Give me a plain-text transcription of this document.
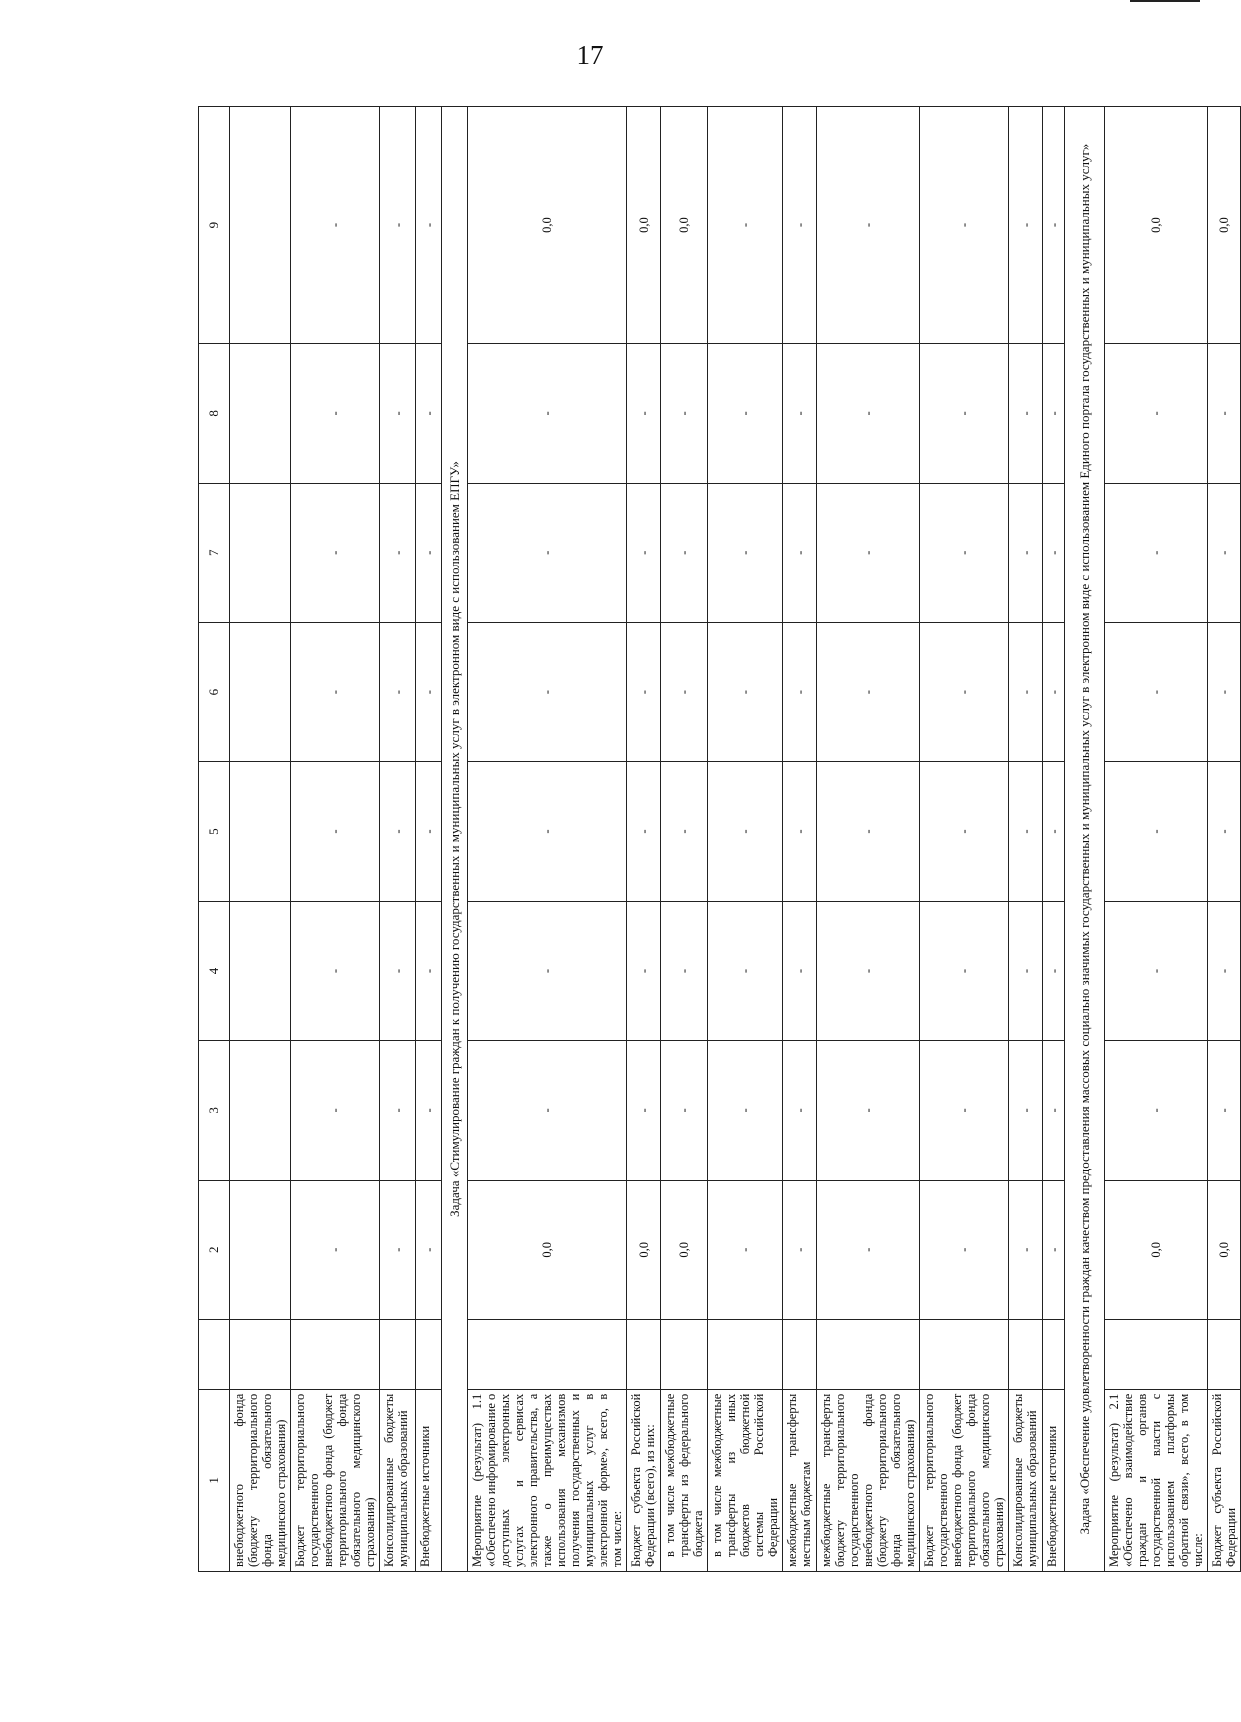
17
1		2	3	4	5	6	7	8	9
внебюджетного фонда (бюджету территориального фонда обязательного медицинского страхования)									
Бюджет территориального государственного внебюджетного фонда (бюджет территориального фонда обязательного медицинского страхования)		-	-	-	-	-	-	-	-
Консолидированные бюджеты муниципальных образований		-	-	-	-	-	-	-	-
Внебюджетные источники		-	-	-	-	-	-	-	-
Задача «Стимулирование граждан к получению государственных и муниципальных услуг в электронном виде с использованием ЕПГУ»									
Мероприятие (результат) 1.1 «Обеспечено информирование о доступных электронных услугах и сервисах электронного правительства, а также о преимуществах использования механизмов получения государственных и муниципальных услуг в электронной форме», всего, в том числе:		0,0	-	-	-	-	-	-	0,0
Бюджет субъекта Российской Федерации (всего), из них:		0,0	-	-	-	-	-	-	0,0
в том числе межбюджетные трансферты из федерального бюджета		0,0	-	-	-	-	-	-	0,0
в том числе межбюджетные трансферты из иных бюджетов бюджетной системы Российской Федерации		-	-	-	-	-	-	-	-
межбюджетные трансферты местным бюджетам		-	-	-	-	-	-	-	-
межбюджетные трансферты бюджету территориального государственного внебюджетного фонда (бюджету территориального фонда обязательного медицинского страхования)		-	-	-	-	-	-	-	-
Бюджет территориального государственного внебюджетного фонда (бюджет территориального фонда обязательного медицинского страхования)		-	-	-	-	-	-	-	-
Консолидированные бюджеты муниципальных образований		-	-	-	-	-	-	-	-
Внебюджетные источники		-	-	-	-	-	-	-	-
Задача «Обеспечение удовлетворенности граждан качеством предоставления массовых социально значимых государственных и муниципальных услуг в электронном виде с использованием Единого портала государственных и муниципальных услуг»									
Мероприятие (результат) 2.1 «Обеспечено взаимодействие граждан и органов государственной власти с использованием платформы обратной связи», всего, в том числе:		0,0	-	-	-	-	-	-	0,0
Бюджет субъекта Российской Федерации		0,0	-	-	-	-	-	-	0,0
